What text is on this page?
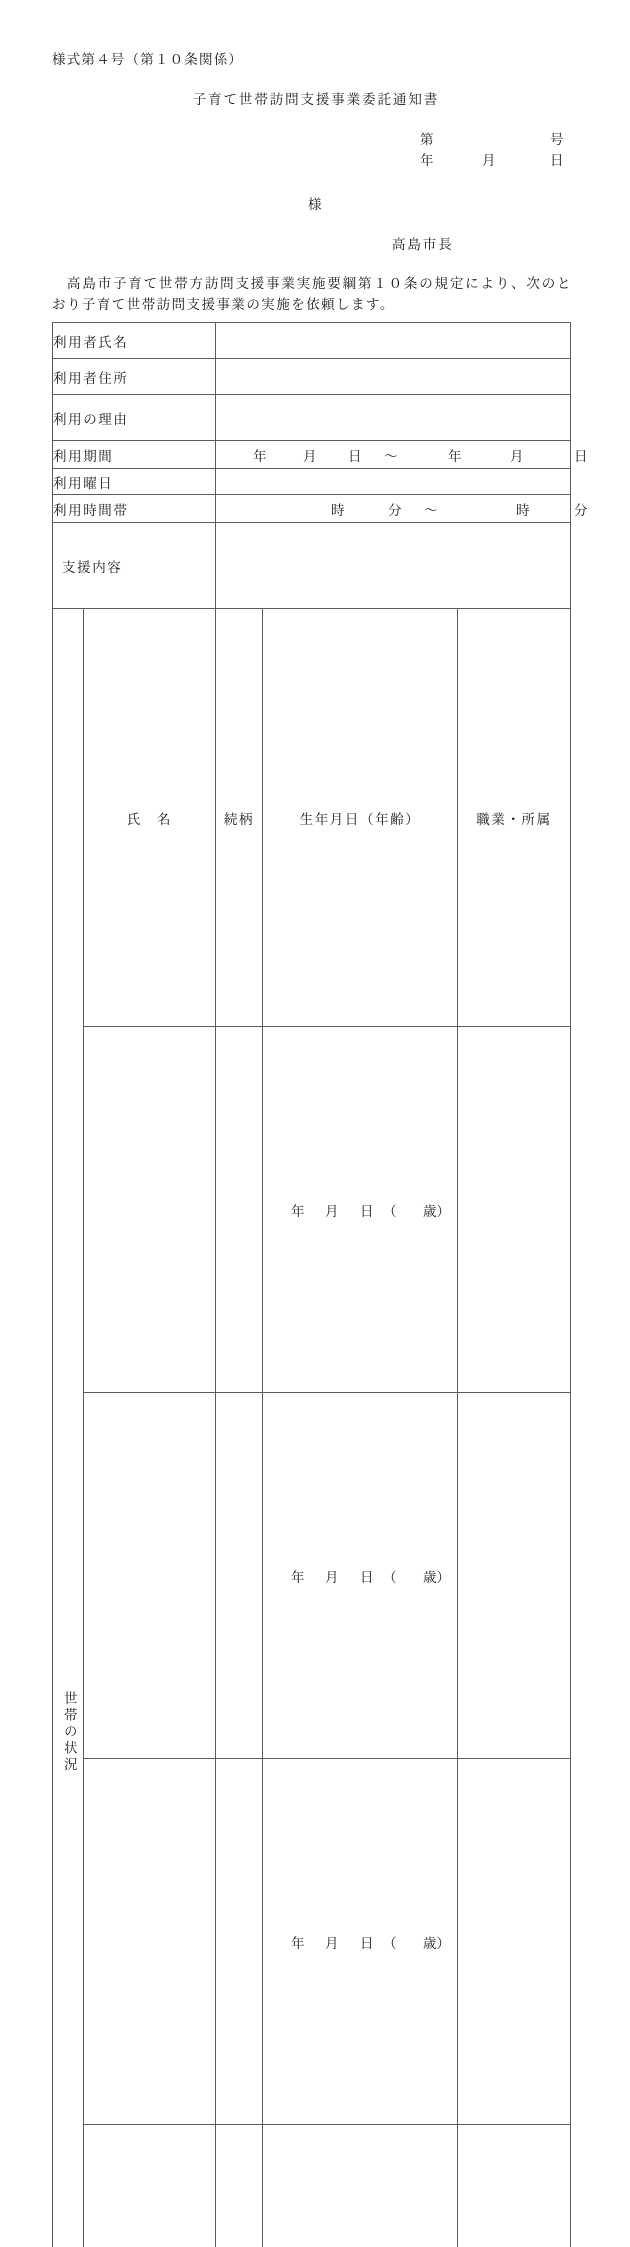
様式第４号（第１０条関係）
子育て世帯訪問支援事業委託通知書
第	号
年	月	日
様
高島市長
高島市子育て世帯方訪問支援事業実施要綱第１０条の規定により、次のとおり子育て世帯訪問支援事業の実施を依頼します。
利用者氏名				
利用者住所				
利用の理由				
利用期間	年	月 日 ～	年	月	日

利用曜日				
利用時間帯		時 分 ～ 時 分		

支援内容				

世帯の状況	氏　名	続柄	生年月日（年齢）	職業・所属

			年 月 日 （ 歳）	

			年 月 日 （ 歳）	

			年 月 日 （ 歳）	
